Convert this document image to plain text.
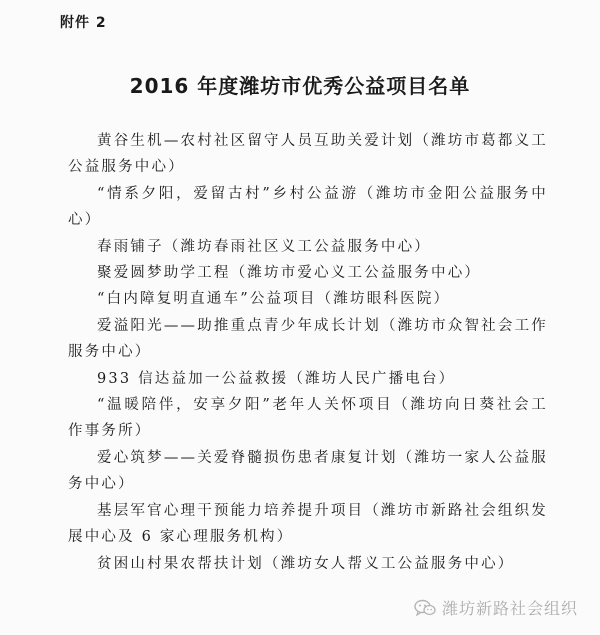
附件 2
2016 年度潍坊市优秀公益项目名单
黄谷生机—农村社区留守人员互助关爱计划（潍坊市葛都义工公益服务中心）
“情系夕阳，爱留古村”乡村公益游（潍坊市金阳公益服务中心）
春雨铺子（潍坊春雨社区义工公益服务中心）
聚爱圆梦助学工程（潍坊市爱心义工公益服务中心）
“白内障复明直通车”公益项目（潍坊眼科医院）
爱溢阳光——助推重点青少年成长计划（潍坊市众智社会工作服务中心）
933 信达益加一公益救援（潍坊人民广播电台）
“温暖陪伴，安享夕阳”老年人关怀项目（潍坊向日葵社会工作事务所）
爱心筑梦——关爱脊髓损伤患者康复计划（潍坊一家人公益服务中心）
基层军官心理干预能力培养提升项目（潍坊市新路社会组织发展中心及 6 家心理服务机构）
贫困山村果农帮扶计划（潍坊女人帮义工公益服务中心）
潍坊新路社会组织
